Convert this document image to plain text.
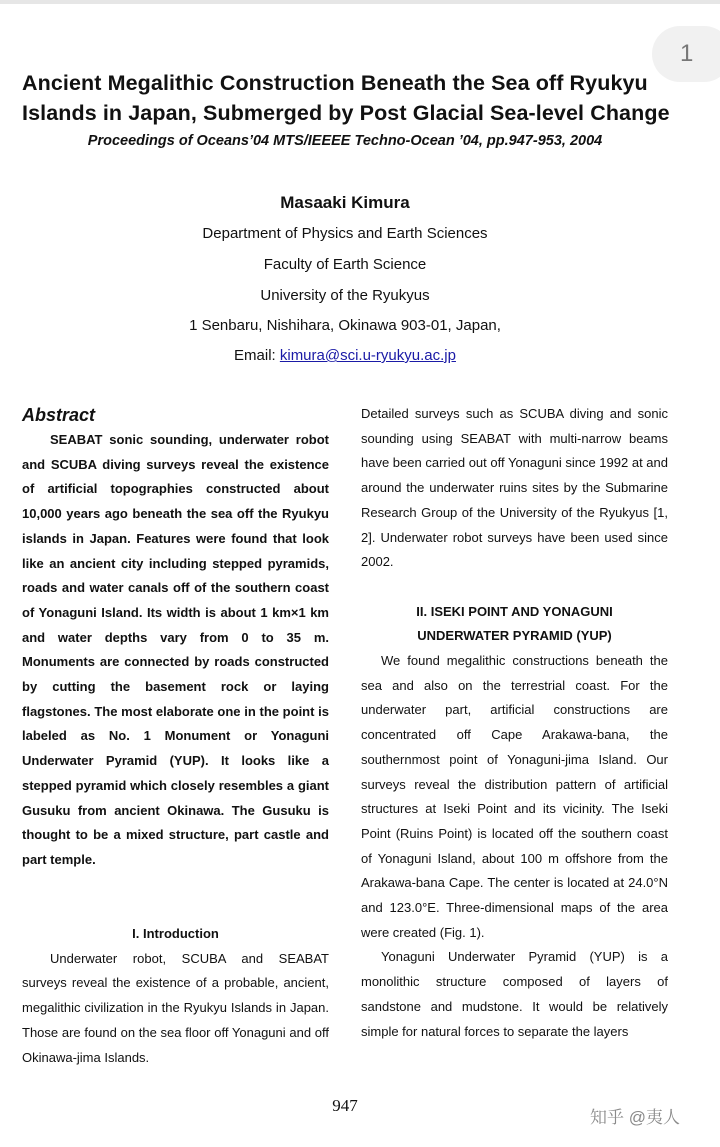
1
Ancient Megalithic Construction Beneath the Sea off Ryukyu Islands in Japan, Submerged by Post Glacial Sea-level Change
Proceedings of Oceans’04 MTS/IEEEE Techno-Ocean ’04, pp.947-953, 2004
Masaaki Kimura
Department of Physics and Earth Sciences
Faculty of Earth Science
University of the Ryukyus
1 Senbaru, Nishihara, Okinawa 903-01, Japan,
Email: kimura@sci.u-ryukyu.ac.jp
Abstract

SEABAT sonic sounding, underwater robot and SCUBA diving surveys reveal the existence of artificial topographies constructed about 10,000 years ago beneath the sea off the Ryukyu islands in Japan. Features were found that look like an ancient city including stepped pyramids, roads and water canals off of the southern coast of Yonaguni Island. Its width is about 1 km×1 km and water depths vary from 0 to 35 m. Monuments are connected by roads constructed by cutting the basement rock or laying flagstones. The most elaborate one in the point is labeled as No. 1 Monument or Yonaguni Underwater Pyramid (YUP). It looks like a stepped pyramid which closely resembles a giant Gusuku from ancient Okinawa. The Gusuku is thought to be a mixed structure, part castle and part temple.

I. Introduction

Underwater robot, SCUBA and SEABAT surveys reveal the existence of a probable, ancient, megalithic civilization in the Ryukyu Islands in Japan. Those are found on the sea floor off Yonaguni and off Okinawa-jima Islands.

Detailed surveys such as SCUBA diving and sonic sounding using SEABAT with multi-narrow beams have been carried out off Yonaguni since 1992 at and around the underwater ruins sites by the Submarine Research Group of the University of the Ryukyus [1, 2]. Underwater robot surveys have been used since 2002.

II. ISEKI POINT AND YONAGUNI

UNDERWATER PYRAMID (YUP)

We found megalithic constructions beneath the sea and also on the terrestrial coast. For the underwater part, artificial constructions are concentrated off Cape Arakawa-bana, the southernmost point of Yonaguni-jima Island. Our surveys reveal the distribution pattern of artificial structures at Iseki Point and its vicinity. The Iseki Point (Ruins Point) is located off the southern coast of Yonaguni Island, about 100 m offshore from the Arakawa-bana Cape. The center is located at 24.0°N and 123.0°E. Three-dimensional maps of the area were created (Fig. 1).

Yonaguni Underwater Pyramid (YUP) is a monolithic structure composed of layers of sandstone and mudstone. It would be relatively simple for natural forces to separate the layers

947
知乎 @夷人
